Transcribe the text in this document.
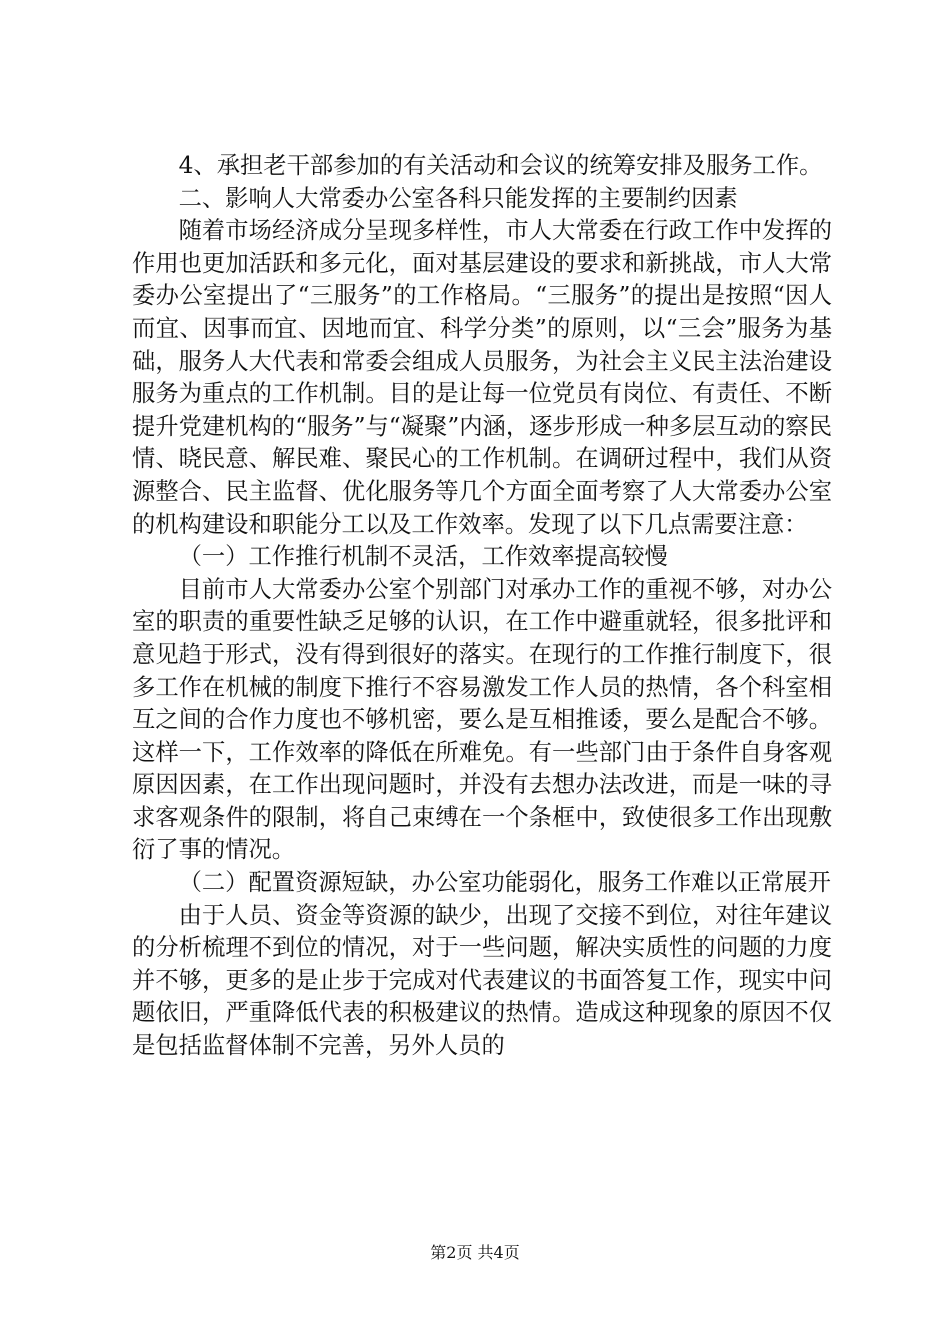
4、承担老干部参加的有关活动和会议的统筹安排及服务工作。

二、影响人大常委办公室各科只能发挥的主要制约因素

随着市场经济成分呈现多样性，市人大常委在行政工作中发挥的作用也更加活跃和多元化，面对基层建设的要求和新挑战，市人大常委办公室提出了“三服务”的工作格局。“三服务”的提出是按照“因人而宜、因事而宜、因地而宜、科学分类”的原则，以“三会”服务为基础，服务人大代表和常委会组成人员服务，为社会主义民主法治建设服务为重点的工作机制。目的是让每一位党员有岗位、有责任、不断提升党建机构的“服务”与“凝聚”内涵，逐步形成一种多层互动的察民情、晓民意、解民难、聚民心的工作机制。在调研过程中，我们从资源整合、民主监督、优化服务等几个方面全面考察了人大常委办公室的机构建设和职能分工以及工作效率。发现了以下几点需要注意：

（一）工作推行机制不灵活，工作效率提高较慢

目前市人大常委办公室个别部门对承办工作的重视不够，对办公室的职责的重要性缺乏足够的认识，在工作中避重就轻，很多批评和意见趋于形式，没有得到很好的落实。在现行的工作推行制度下，很多工作在机械的制度下推行不容易激发工作人员的热情，各个科室相互之间的合作力度也不够机密，要么是互相推诿，要么是配合不够。这样一下，工作效率的降低在所难免。有一些部门由于条件自身客观原因因素，在工作出现问题时，并没有去想办法改进，而是一味的寻求客观条件的限制，将自己束缚在一个条框中，致使很多工作出现敷衍了事的情况。

（二）配置资源短缺，办公室功能弱化，服务工作难以正常展开

由于人员、资金等资源的缺少，出现了交接不到位，对往年建议的分析梳理不到位的情况，对于一些问题，解决实质性的问题的力度并不够，更多的是止步于完成对代表建议的书面答复工作，现实中问题依旧，严重降低代表的积极建议的热情。造成这种现象的原因不仅是包括监督体制不完善，另外人员的

第2页 共4页
